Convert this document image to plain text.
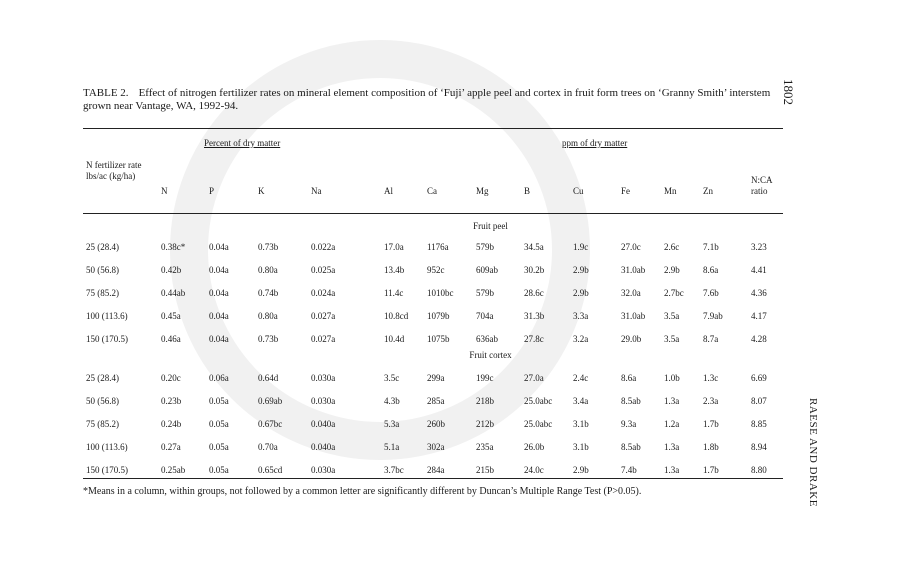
1802
RAESE AND DRAKE
TABLE 2. Effect of nitrogen fertilizer rates on mineral element composition of ‘Fuji’ apple peel and cortex in fruit form trees on ‘Granny Smith’ interstem grown near Vantage, WA, 1992-94.
Percent of dry matter	ppm of dry matter
N fertilizer rate lbs/ac (kg/ha)
N	P	K	Na	Al	Ca	Mg	B	Cu	Fe	Mn	Zn
N:CA ratio
Fruit peel
25 (28.4)	0.38c*	0.04a	0.73b	0.022a	17.0a	1176a	579b	34.5a	1.9c	27.0c	2.6c	7.1b	3.23
50 (56.8)	0.42b	0.04a	0.80a	0.025a	13.4b	952c	609ab	30.2b	2.9b	31.0ab 2.9b	8.6a	4.41
75 (85.2)	0.44ab	0.04a	0.74b	0.024a	11.4c	1010bc	579b	28.6c	2.9b	32.0a	2.7bc 7.6b	4.36
100 (113.6)	0.45a	0.04a	0.80a	0.027a	10.8cd 1079b	704a	31.3b	3.3a	31.0ab 3.5a	7.9ab	4.17
150 (170.5)	0.46a	0.04a	0.73b	0.027a	10.4d	1075b	636ab	27.8c	3.2a	29.0b	3.5a	8.7a	4.28
Fruit cortex
25 (28.4)	0.20c	0.06a	0.64d	0.030a	3.5c	299a	199c	27.0a	2.4c	8.6a	1.0b	1.3c	6.69
50 (56.8)	0.23b	0.05a	0.69ab	0.030a	4.3b	285a	218b	25.0abc 3.4a	8.5ab	1.3a	2.3a	8.07
75 (85.2)	0.24b	0.05a	0.67bc	0.040a	5.3a	260b	212b	25.0abc 3.1b	9.3a	1.2a	1.7b	8.85
100 (113.6)	0.27a	0.05a	0.70a	0.040a	5.1a	302a	235a	26.0b	3.1b	8.5ab	1.3a	1.8b	8.94
150 (170.5)	0.25ab	0.05a	0.65cd	0.030a	3.7bc	284a	215b	24.0c	2.9b	7.4b	1.3a	1.7b	8.80
*Means in a column, within groups, not followed by a common letter are significantly different by Duncan’s Multiple Range Test (P>0.05).
